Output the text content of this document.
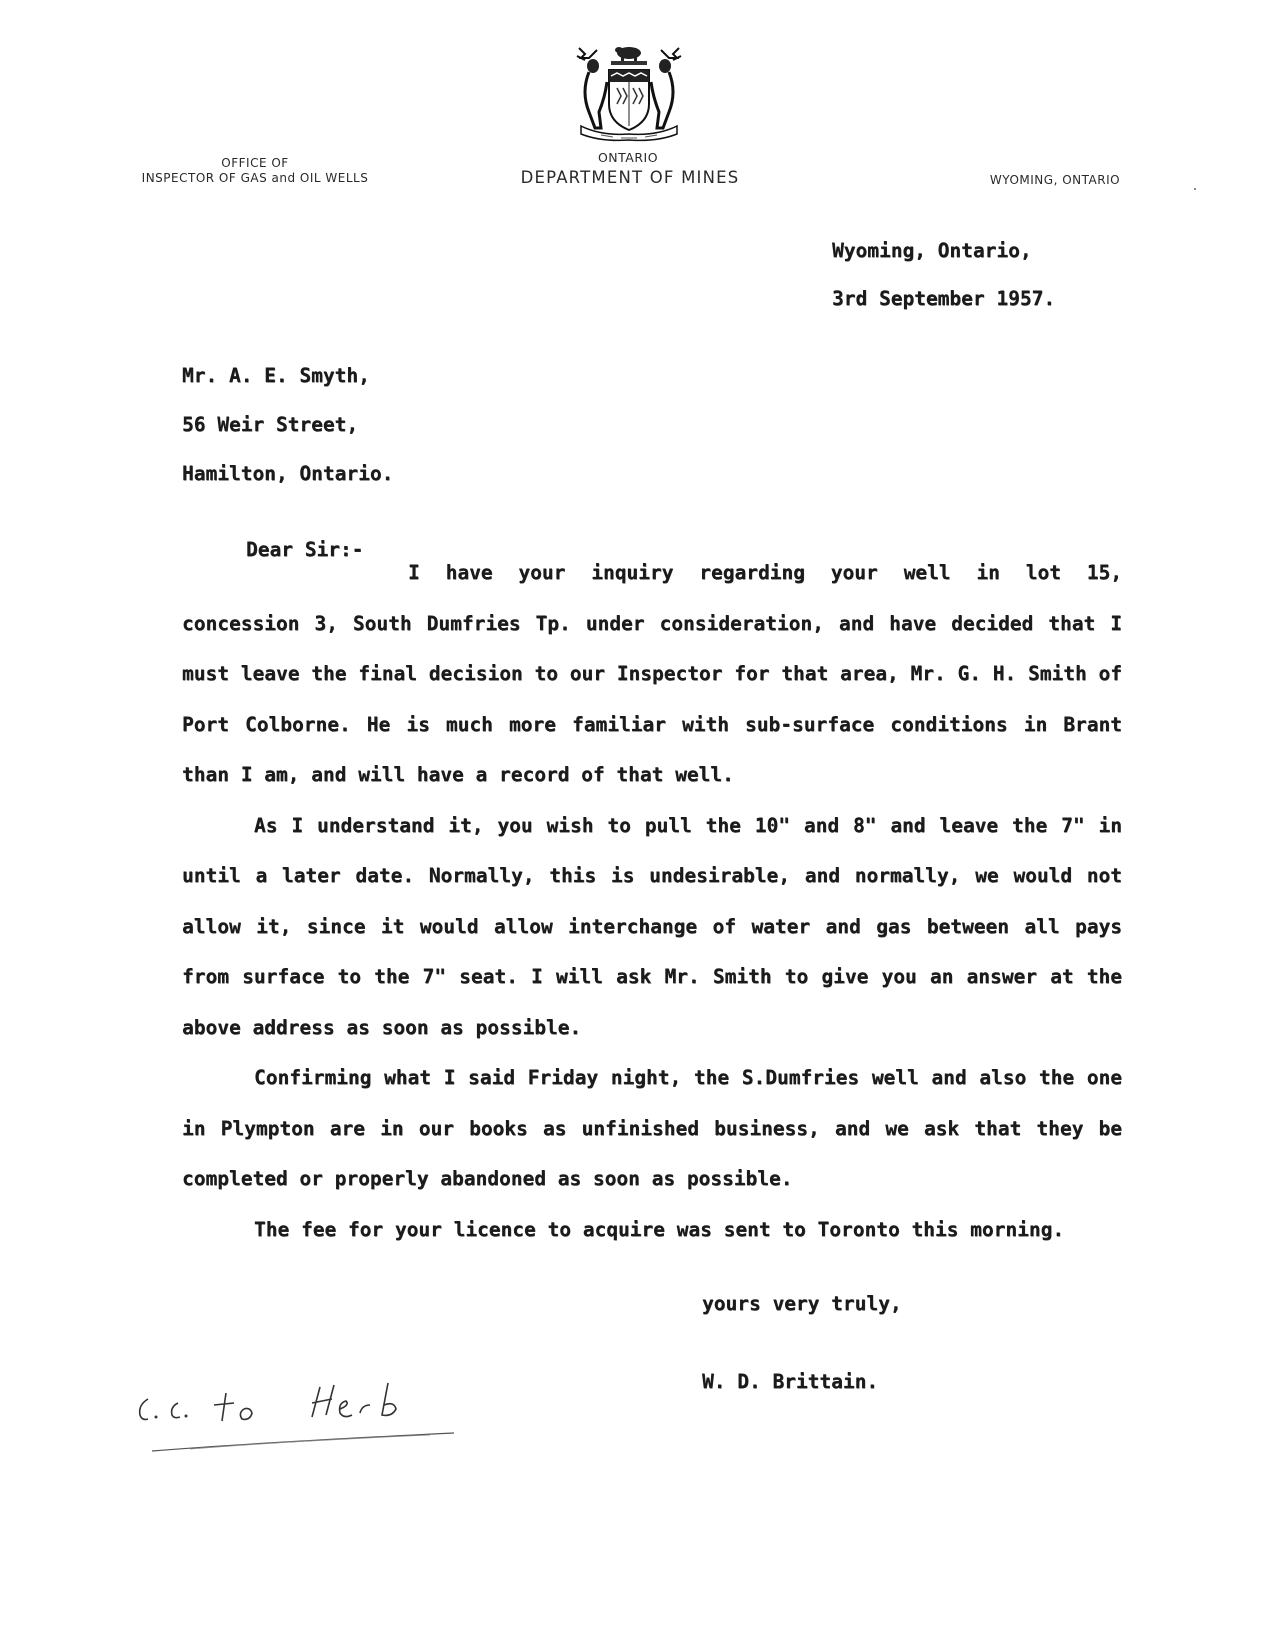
OFFICE OF
INSPECTOR OF GAS and OIL WELLS
ONTARIO
DEPARTMENT OF MINES	WYOMING, ONTARIO
Wyoming, Ontario,
3rd September 1957.
Mr. A. E. Smyth,
56 Weir Street,
Hamilton, Ontario.
Dear Sir:-

I have your inquiry regarding your well in lot 15, concession 3, South Dumfries Tp. under consideration, and have decided that I must leave the final decision to our Inspector for that area, Mr. G. H. Smith of Port Colborne. He is much more familiar with sub-surface conditions in Brant than I am, and will have a record of that well.

As I understand it, you wish to pull the 10" and 8" and leave the 7" in until a later date. Normally, this is undesirable, and normally, we would not allow it, since it would allow interchange of water and gas between all pays from surface to the 7" seat. I will ask Mr. Smith to give you an answer at the above address as soon as possible.

Confirming what I said Friday night, the S.Dumfries well and also the one in Plympton are in our books as unfinished business, and we ask that they be completed or properly abandoned as soon as possible.

The fee for your licence to acquire was sent to Toronto this morning.

yours very truly,
W. D. Brittain.
